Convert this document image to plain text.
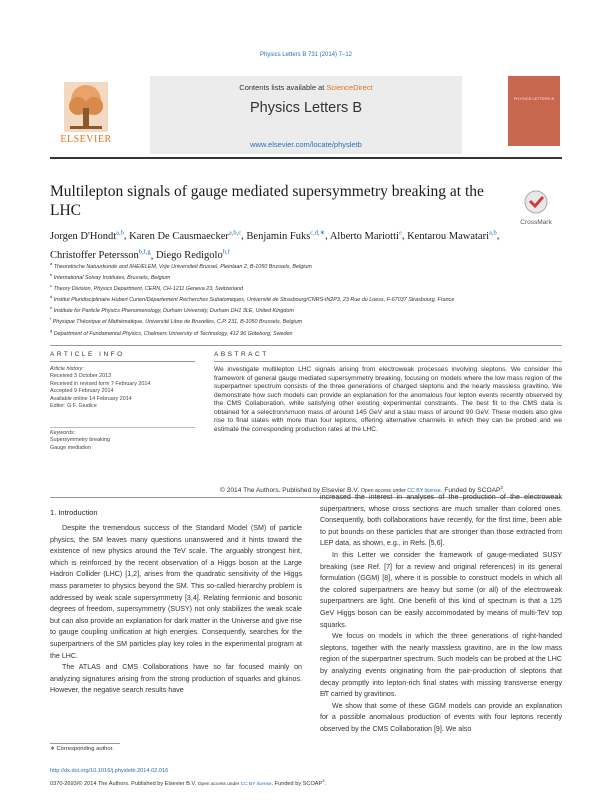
Physics Letters B 731 (2014) 7–12
Contents lists available at ScienceDirect
Physics Letters B
www.elsevier.com/locate/physletb
ELSEVIER
PHYSICS LETTERS B
Multilepton signals of gauge mediated supersymmetry breaking at the LHC
CrossMark
Jorgen D'Hondt$^{a,b}$, Karen De Causmaecker$^{a,b,c}$, Benjamin Fuks$^{c,d,∗}$, Alberto Mariotti$^e$, Kentarou Mawatari$^{a,b}$, Christoffer Petersson$^{b,f,g}$, Diego Redigolo$^{b,f}$
$^a$ Theoretische Natuurkunde and IIHE/ELEM, Vrije Universiteit Brussel, Pleinlaan 2, B-1050 Brussels, Belgium
$^b$ International Solvay Institutes, Brussels, Belgium
$^c$ Theory Division, Physics Department, CERN, CH-1211 Geneva 23, Switzerland
$^d$ Institut Pluridisciplinaire Hubert Curien/Département Recherches Subatomiques, Université de Strasbourg/CNRS-IN2P3, 23 Rue du Loess, F-67037 Strasbourg, France
$^e$ Institute for Particle Physics Phenomenology, Durham University, Durham DH1 3LE, United Kingdom
$^f$ Physique Théorique et Mathématique, Université Libre de Bruxelles, C.P. 231, B-1050 Brussels, Belgium
$^g$ Department of Fundamental Physics, Chalmers University of Technology, 412 96 Göteborg, Sweden
ARTICLE INFO	ABSTRACT
Article history:
Received 3 October 2013
Received in revised form 7 February 2014
Accepted 9 February 2014
Available online 14 February 2014
Editor: G.F. Giudice
Keywords:
Supersymmetry breaking
Gauge mediation
We investigate multilepton LHC signals arising from electroweak processes involving sleptons. We consider the framework of general gauge mediated supersymmetry breaking, focusing on models where the low mass region of the superpartner spectrum consists of the three generations of charged sleptons and the nearly massless gravitino. We demonstrate how such models can provide an explanation for the anomalous four lepton events recently observed by the CMS Collaboration, while satisfying other existing experimental constraints. The best fit to the CMS data is obtained for a selectron/smuon mass of around 145 GeV and a stau mass of around 90 GeV. These models also give rise to final states with more than four leptons, offering alternative channels in which they can be probed and we estimate the corresponding production rates at the LHC.
© 2014 The Authors. Published by Elsevier B.V. Open access under CC BY license. Funded by SCOAP$^3$.
1. Introduction

Despite the tremendous success of the Standard Model (SM) of particle physics, the SM leaves many questions unanswered and it hints toward the existence of new physics around the TeV scale. The arguably strongest hint, which is reinforced by the recent observation of a Higgs boson at the Large Hadron Collider (LHC) [1,2], arises from the quadratic sensitivity of the Higgs mass parameter to physics beyond the SM. This so-called hierarchy problem is addressed by weak scale supersymmetry [3,4]. Relating fermionic and bosonic degrees of freedom, supersymmetry (SUSY) not only stabilizes the weak scale but can also provide an explanation for dark matter in the Universe and give rise to gauge coupling unification at high energies. Consequently, searches for the superpartners of the SM particles play key roles in the experimental program at the LHC.

The ATLAS and CMS Collaborations have so far focused mainly on analyzing signatures arising from the strong production of squarks and gluinos. However, the negative search results have

increased the interest in analyses of the production of the electroweak superpartners, whose cross sections are much smaller than colored ones. Consequently, both collaborations have recently, for the first time, been able to put bounds on these particles that are stronger than those extracted from LEP data, as shown, e.g., in Refs. [5,6].

In this Letter we consider the framework of gauge-mediated SUSY breaking (see Ref. [7] for a review and original references) in its general formulation (GGM) [8], where it is possible to construct models in which all the colored superpartners are heavy but some (or all) of the electroweak superpartners are light. One benefit of this kind of spectrum is that a 125 GeV Higgs boson can be easily accommodated by means of multi-TeV top squarks.

We focus on models in which the three generations of right-handed sleptons, together with the nearly massless gravitino, are in the low mass region of the superpartner spectrum. Such models can be probed at the LHC by analyzing events originating from the pair-production of sleptons that decay promptly into lepton-rich final states with missing transverse energy E̸T carried by gravitinos.

We show that some of these GGM models can provide an explanation for a possible anomalous production of events with four leptons recently observed by the CMS Collaboration [9]. We also

∗ Corresponding author.
http://dx.doi.org/10.1016/j.physletb.2014.02.016
0370-2693/© 2014 The Authors. Published by Elsevier B.V. Open access under CC BY license. Funded by SCOAP$^3$.
